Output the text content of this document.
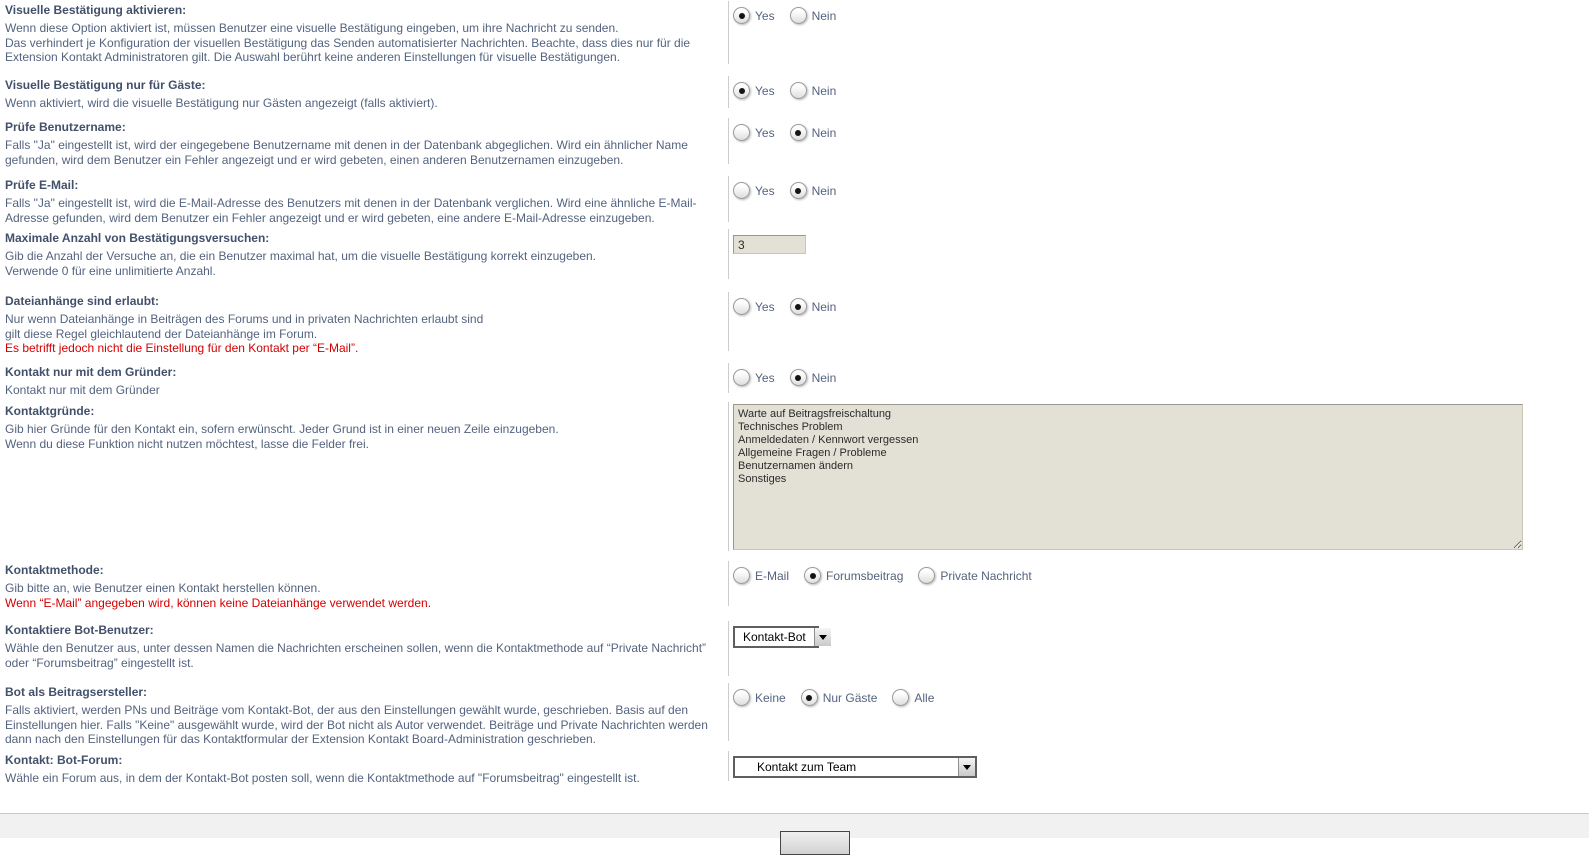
Visuelle Bestätigung aktivieren:

Wenn diese Option aktiviert ist, müssen Benutzer eine visuelle Bestätigung eingeben, um ihre Nachricht zu senden.

Das verhindert je Konfiguration der visuellen Bestätigung das Senden automatisierter Nachrichten. Beachte, dass dies nur für die Extension Kontakt Administratoren gilt. Die Auswahl berührt keine anderen Einstellungen für visuelle Bestätigungen.

Yes	Nein
Visuelle Bestätigung nur für Gäste:

Wenn aktiviert, wird die visuelle Bestätigung nur Gästen angezeigt (falls aktiviert).

Yes	Nein
Prüfe Benutzername:

Falls "Ja" eingestellt ist, wird der eingegebene Benutzername mit denen in der Datenbank abgeglichen. Wird ein ähnlicher Name gefunden, wird dem Benutzer ein Fehler angezeigt und er wird gebeten, einen anderen Benutzernamen einzugeben.

Yes	Nein
Prüfe E-Mail:

Falls "Ja" eingestellt ist, wird die E-Mail-Adresse des Benutzers mit denen in der Datenbank verglichen. Wird eine ähnliche E-Mail-Adresse gefunden, wird dem Benutzer ein Fehler angezeigt und er wird gebeten, eine andere E-Mail-Adresse einzugeben.

Yes	Nein
Maximale Anzahl von Bestätigungsversuchen:

Gib die Anzahl der Versuche an, die ein Benutzer maximal hat, um die visuelle Bestätigung korrekt einzugeben.

Verwende 0 für eine unlimitierte Anzahl.

3
Dateianhänge sind erlaubt:

Nur wenn Dateianhänge in Beiträgen des Forums und in privaten Nachrichten erlaubt sind

gilt diese Regel gleichlautend der Dateianhänge im Forum.

Es betrifft jedoch nicht die Einstellung für den Kontakt per “E-Mail”.

Yes	Nein
Kontakt nur mit dem Gründer:

Kontakt nur mit dem Gründer

Yes	Nein
Kontaktgründe:

Gib hier Gründe für den Kontakt ein, sofern erwünscht. Jeder Grund ist in einer neuen Zeile einzugeben.

Wenn du diese Funktion nicht nutzen möchtest, lasse die Felder frei.

Warte auf Beitragsfreischaltung Technisches Problem Anmeldedaten / Kennwort vergessen Allgemeine Fragen / Probleme Benutzernamen ändern Sonstiges
Kontaktmethode:

Gib bitte an, wie Benutzer einen Kontakt herstellen können.

Wenn “E-Mail” angegeben wird, können keine Dateianhänge verwendet werden.

E-Mail	Forumsbeitrag	Private Nachricht
Kontaktiere Bot-Benutzer:

Wähle den Benutzer aus, unter dessen Namen die Nachrichten erscheinen sollen, wenn die Kontaktmethode auf “Private Nachricht” oder “Forumsbeitrag” eingestellt ist.

Kontakt-Bot
Bot als Beitragsersteller:

Falls aktiviert, werden PNs und Beiträge vom Kontakt-Bot, der aus den Einstellungen gewählt wurde, geschrieben. Basis auf den Einstellungen hier. Falls "Keine" ausgewählt wurde, wird der Bot nicht als Autor verwendet. Beiträge und Private Nachrichten werden dann nach den Einstellungen für das Kontaktformular der Extension Kontakt Board-Administration geschrieben.

Keine	Nur Gäste	Alle
Kontakt: Bot-Forum:

Wähle ein Forum aus, in dem der Kontakt-Bot posten soll, wenn die Kontaktmethode auf "Forumsbeitrag" eingestellt ist.

Kontakt zum Team
